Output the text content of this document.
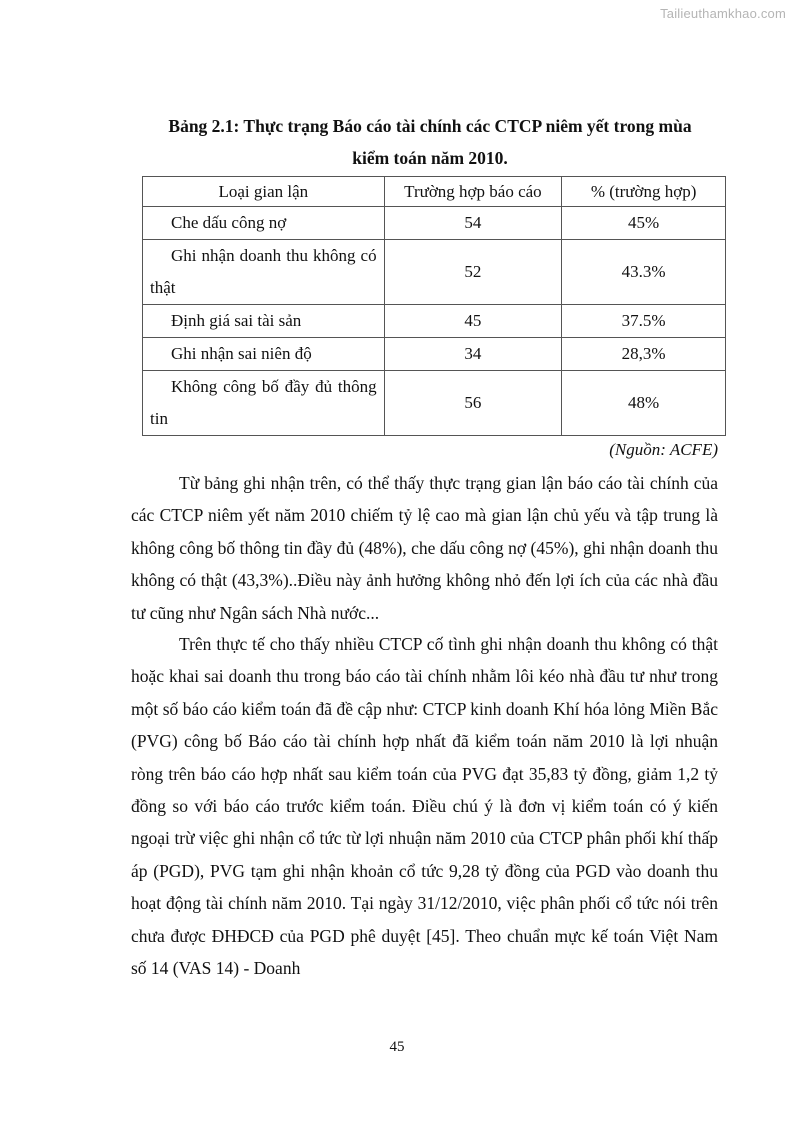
Tailieuthamkhao.com
Bảng 2.1: Thực trạng Báo cáo tài chính các CTCP niêm yết trong mùa
kiểm toán năm 2010.
Loại gian lận	Trường hợp báo cáo	% (trường hợp)
Che dấu công nợ	54	45%
Ghi nhận doanh thu không có thật	52	43.3%
Định giá sai tài sản	45	37.5%
Ghi nhận sai niên độ	34	28,3%
Không công bố đầy đủ thông tin	56	48%
(Nguồn: ACFE)

Từ bảng ghi nhận trên, có thể thấy thực trạng gian lận báo cáo tài chính của các CTCP niêm yết năm 2010 chiếm tỷ lệ cao mà gian lận chủ yếu và tập trung là không công bố thông tin đầy đủ (48%), che dấu công nợ (45%), ghi nhận doanh thu không có thật (43,3%)..Điều này ảnh hưởng không nhỏ đến lợi ích của các nhà đầu tư cũng như Ngân sách Nhà nước...

Trên thực tế cho thấy nhiều CTCP cố tình ghi nhận doanh thu không có thật hoặc khai sai doanh thu trong báo cáo tài chính nhằm lôi kéo nhà đầu tư như trong một số báo cáo kiểm toán đã đề cập như: CTCP kinh doanh Khí hóa lỏng Miền Bắc (PVG) công bố Báo cáo tài chính hợp nhất đã kiểm toán năm 2010 là lợi nhuận ròng trên báo cáo hợp nhất sau kiểm toán của PVG đạt 35,83 tỷ đồng, giảm 1,2 tỷ đồng so với báo cáo trước kiểm toán. Điều chú ý là đơn vị kiểm toán có ý kiến ngoại trừ việc ghi nhận cổ tức từ lợi nhuận năm 2010 của CTCP phân phối khí thấp áp (PGD), PVG tạm ghi nhận khoản cổ tức 9,28 tỷ đồng của PGD vào doanh thu hoạt động tài chính năm 2010. Tại ngày 31/12/2010, việc phân phối cổ tức nói trên chưa được ĐHĐCĐ của PGD phê duyệt [45]. Theo chuẩn mực kế toán Việt Nam số 14 (VAS 14) - Doanh

45
